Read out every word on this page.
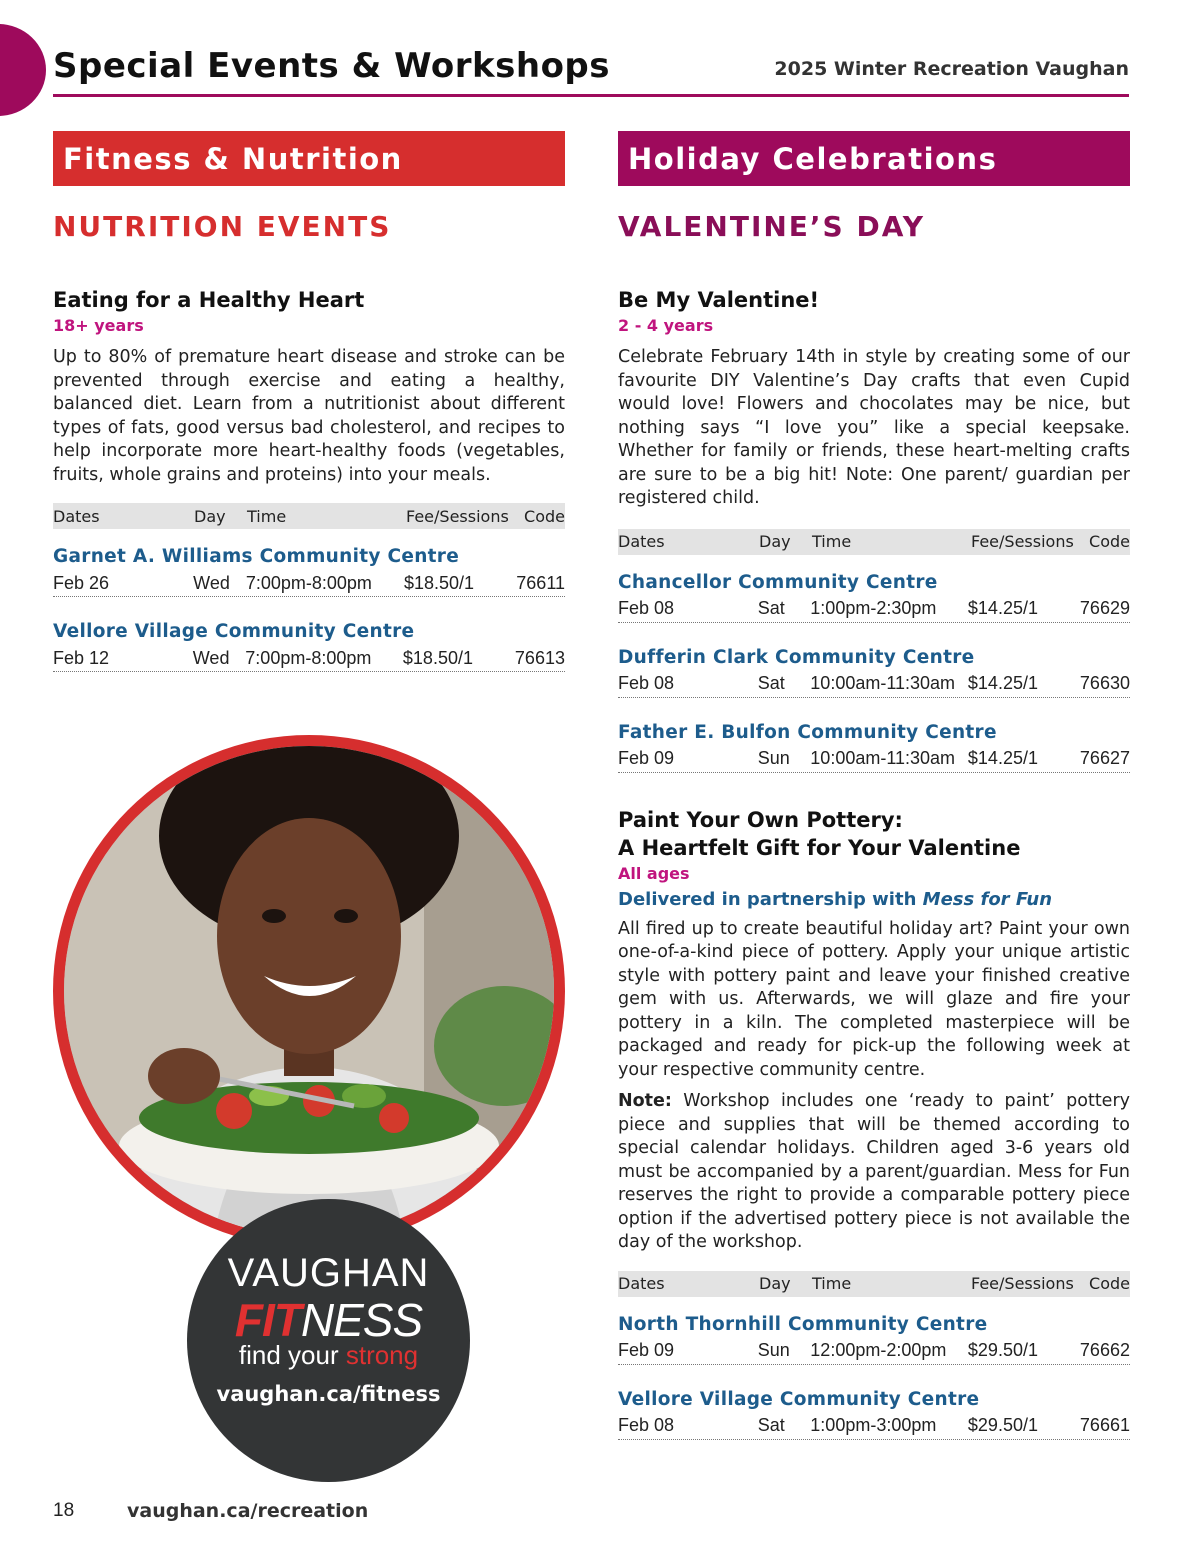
Special Events & Workshops	2025 Winter Recreation Vaughan
Fitness & Nutrition
NUTRITION EVENTS
Eating for a Healthy Heart
18+ years

Up to 80% of premature heart disease and stroke can be prevented through exercise and eating a healthy, balanced diet. Learn from a nutritionist about different types of fats, good versus bad cholesterol, and recipes to help incorporate more heart-healthy foods (vegetables, fruits, whole grains and proteins) into your meals.

Dates	Day	Time	Fee/Sessions Code
Garnet A. Williams Community Centre
Feb 26	Wed 7:00pm-8:00pm	$18.50/1	76611
Vellore Village Community Centre
Feb 12	Wed 7:00pm-8:00pm	$18.50/1	76613
VAUGHAN
FITNESS
find your strong
vaughan.ca/fitness
Holiday Celebrations
VALENTINE’S DAY
Be My Valentine!
2 - 4 years

Celebrate February 14th in style by creating some of our favourite DIY Valentine’s Day crafts that even Cupid would love! Flowers and chocolates may be nice, but nothing says “I love you” like a special keepsake. Whether for family or friends, these heart-melting crafts are sure to be a big hit! Note: One parent/ guardian per registered child.

Dates	Day	Time	Fee/Sessions Code
Chancellor Community Centre
Feb 08	Sat	1:00pm-2:30pm	$14.25/1	76629
Dufferin Clark Community Centre
Feb 08	Sat	10:00am-11:30am $14.25/1	76630
Father E. Bulfon Community Centre
Feb 09	Sun	10:00am-11:30am $14.25/1	76627
Paint Your Own Pottery:
A Heartfelt Gift for Your Valentine
All ages
Delivered in partnership with Mess for Fun

All fired up to create beautiful holiday art? Paint your own one-of-a-kind piece of pottery. Apply your unique artistic style with pottery paint and leave your finished creative gem with us. Afterwards, we will glaze and fire your pottery in a kiln. The completed masterpiece will be packaged and ready for pick-up the following week at your respective community centre.

Note: Workshop includes one ‘ready to paint’ pottery piece and supplies that will be themed according to special calendar holidays. Children aged 3-6 years old must be accompanied by a parent/guardian. Mess for Fun reserves the right to provide a comparable pottery piece option if the advertised pottery piece is not available the day of the workshop.

Dates	Day	Time	Fee/Sessions Code
North Thornhill Community Centre
Feb 09	Sun	12:00pm-2:00pm	$29.50/1	76662
Vellore Village Community Centre
Feb 08	Sat	1:00pm-3:00pm	$29.50/1	76661
18	vaughan.ca/recreation
